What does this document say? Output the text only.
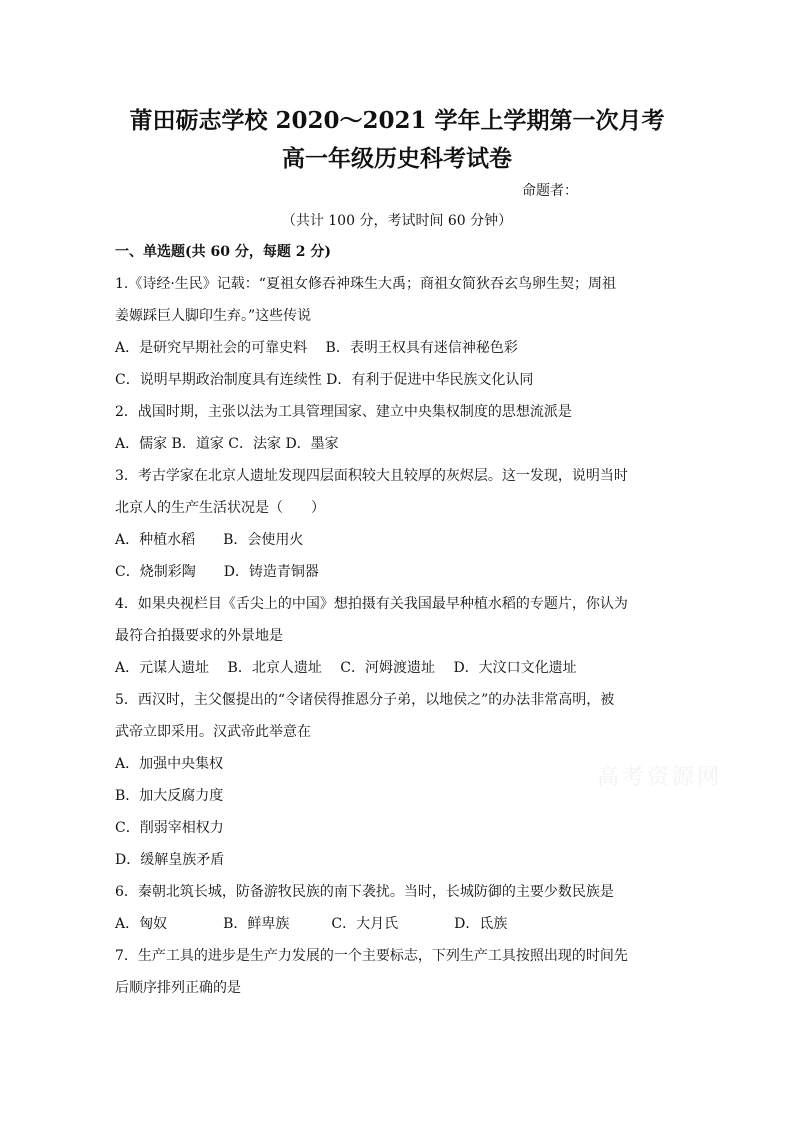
莆田砺志学校 2020～2021 学年上学期第一次月考
高一年级历史科考试卷
命题者：
（共计 100 分，考试时间 60 分钟）
一、单选题(共 60 分，每题 2 分)
1.《诗经·生民》记载：“夏祖女修吞神珠生大禹；商祖女简狄吞玄鸟卵生契；周祖
姜嫄踩巨人脚印生弃。”这些传说
A．是研究早期社会的可靠史料　 B．表明王权具有迷信神秘色彩
C．说明早期政治制度具有连续性 D．有利于促进中华民族文化认同
2．战国时期，主张以法为工具管理国家、建立中央集权制度的思想流派是
A．儒家 B．道家 C．法家 D．墨家
3．考古学家在北京人遗址发现四层面积较大且较厚的灰烬层。这一发现，说明当时
北京人的生产生活状况是（　　）
A．种植水稻　　B．会使用火
C．烧制彩陶　　D．铸造青铜器
4．如果央视栏目《舌尖上的中国》想拍摄有关我国最早种植水稻的专题片，你认为
最符合拍摄要求的外景地是
A．元谋人遗址　 B．北京人遗址　 C．河姆渡遗址　 D．大汶口文化遗址
5．西汉时，主父偃提出的“令诸侯得推恩分子弟，以地侯之”的办法非常高明，被
武帝立即采用。汉武帝此举意在
A．加强中央集权
B．加大反腐力度
C．削弱宰相权力
D．缓解皇族矛盾
6．秦朝北筑长城，防备游牧民族的南下袭扰。当时，长城防御的主要少数民族是
A．匈奴　　　　B．鲜卑族　　　C．大月氏　　　　D．氐族
7．生产工具的进步是生产力发展的一个主要标志，下列生产工具按照出现的时间先
后顺序排列正确的是
高考资源网
